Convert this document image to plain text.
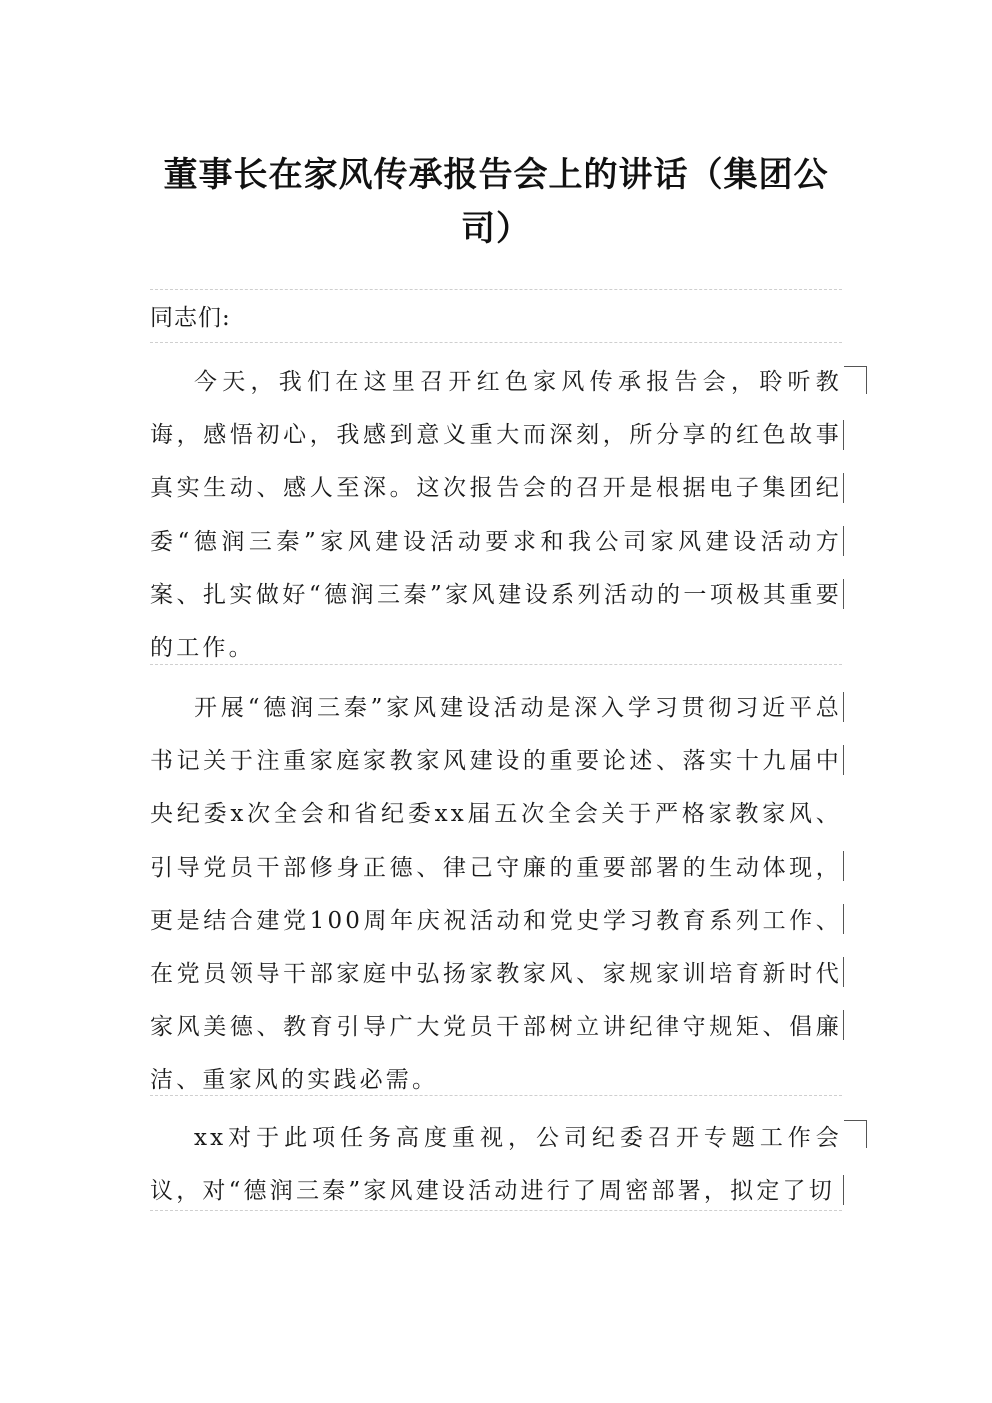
董事长在家风传承报告会上的讲话（集团公司）

同志们:

今天，我们在这里召开红色家风传承报告会，聆听教诲，感悟初心，我感到意义重大而深刻，所分享的红色故事真实生动、感人至深。这次报告会的召开是根据电子集团纪委“德润三秦”家风建设活动要求和我公司家风建设活动方案、扎实做好“德润三秦”家风建设系列活动的一项极其重要的工作。

开展“德润三秦”家风建设活动是深入学习贯彻习近平总书记关于注重家庭家教家风建设的重要论述、落实十九届中央纪委x次全会和省纪委xx届五次全会关于严格家教家风、引导党员干部修身正德、律己守廉的重要部署的生动体现，更是结合建党100周年庆祝活动和党史学习教育系列工作、在党员领导干部家庭中弘扬家教家风、家规家训培育新时代家风美德、教育引导广大党员干部树立讲纪律守规矩、倡廉洁、重家风的实践必需。

xx对于此项任务高度重视，公司纪委召开专题工作会议，对“德润三秦”家风建设活动进行了周密部署，拟定了切
